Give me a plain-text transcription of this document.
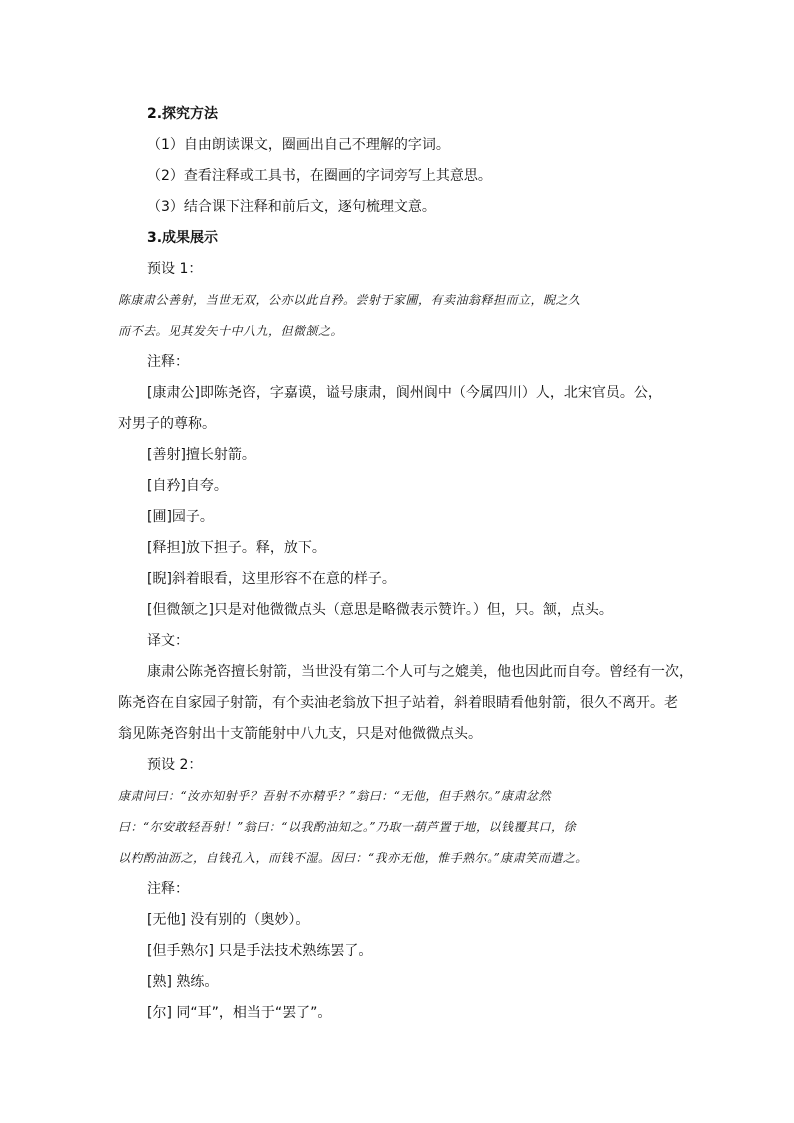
2.探究方法
（1）自由朗读课文，圈画出自己不理解的字词。
（2）查看注释或工具书，在圈画的字词旁写上其意思。
（3）结合课下注释和前后文，逐句梳理文意。
3.成果展示
预设 1：
陈康肃公善射，当世无双，公亦以此自矜。尝射于家圃，有卖油翁释担而立，睨之久
而不去。见其发矢十中八九，但微颔之。
注释：
[康肃公]即陈尧咨，字嘉谟，谥号康肃，阆州阆中（今属四川）人，北宋官员。公，
对男子的尊称。
[善射]擅长射箭。
[自矜]自夸。
[圃]园子。
[释担]放下担子。释，放下。
[睨]斜着眼看，这里形容不在意的样子。
[但微颔之]只是对他微微点头（意思是略微表示赞许。）但，只。颔，点头。
译文：
康肃公陈尧咨擅长射箭，当世没有第二个人可与之媲美，他也因此而自夸。曾经有一次，
陈尧咨在自家园子射箭，有个卖油老翁放下担子站着，斜着眼睛看他射箭，很久不离开。老
翁见陈尧咨射出十支箭能射中八九支，只是对他微微点头。
预设 2：
康肃问曰：“汝亦知射乎？吾射不亦精乎？”翁曰：“无他，但手熟尔。”康肃忿然
曰：“尔安敢轻吾射！”翁曰：“以我酌油知之。”乃取一葫芦置于地，以钱覆其口，徐
以杓酌油沥之，自钱孔入，而钱不湿。因曰：“我亦无他，惟手熟尔。”康肃笑而遣之。
注释：
[无他] 没有别的（奥妙）。
[但手熟尔] 只是手法技术熟练罢了。
[熟] 熟练。
[尔] 同“耳”，相当于“罢了”。
